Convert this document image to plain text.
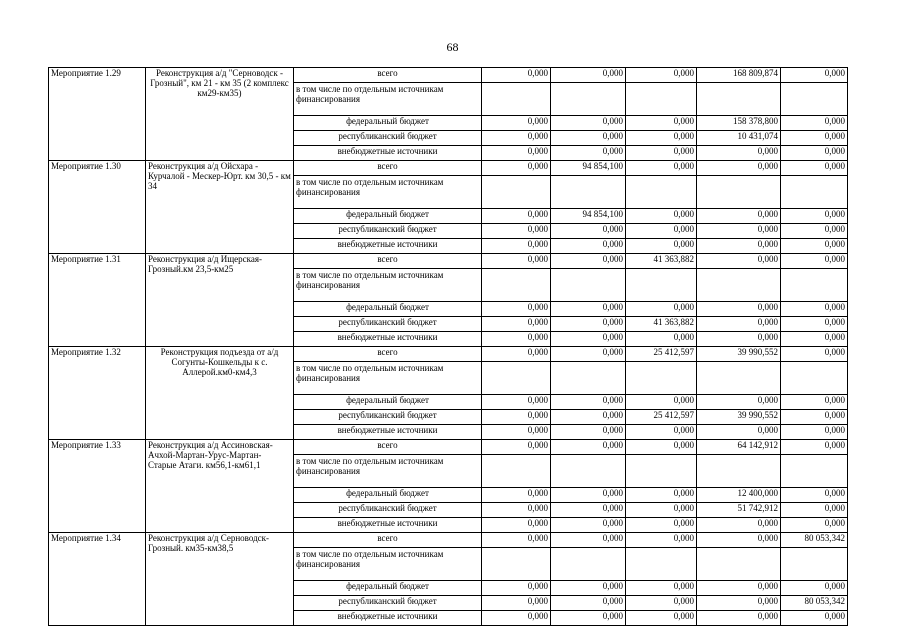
68
Мероприятие 1.29	Реконструкция а/д "Серноводск - Грозный", км 21 - км 35 (2 комплекс км29-км35)	всего	0,000	0,000	0,000	168 809,874	0,000
		в том числе по отдельным источникам финансирования					
		федеральный бюджет	0,000	0,000	0,000	158 378,800	0,000
		республиканский бюджет	0,000	0,000	0,000	10 431,074	0,000
		внебюджетные источники	0,000	0,000	0,000	0,000	0,000
Мероприятие 1.30	Реконструкция а/д Ойсхара - Курчалой - Мескер-Юрт. км 30,5 - км 34	всего	0,000	94 854,100	0,000	0,000	0,000
		в том числе по отдельным источникам финансирования					
		федеральный бюджет	0,000	94 854,100	0,000	0,000	0,000
		республиканский бюджет	0,000	0,000	0,000	0,000	0,000
		внебюджетные источники	0,000	0,000	0,000	0,000	0,000
Мероприятие 1.31	Реконструкция а/д Ищерская-Грозный.км 23,5-км25	всего	0,000	0,000	41 363,882	0,000	0,000
		в том числе по отдельным источникам финансирования					
		федеральный бюджет	0,000	0,000	0,000	0,000	0,000
		республиканский бюджет	0,000	0,000	41 363,882	0,000	0,000
		внебюджетные источники	0,000	0,000	0,000	0,000	0,000
Мероприятие 1.32	Реконструкция подъезда от а/д Согунты-Кошкельды к с. Аллерой.км0-км4,3	всего	0,000	0,000	25 412,597	39 990,552	0,000
		в том числе по отдельным источникам финансирования					
		федеральный бюджет	0,000	0,000	0,000	0,000	0,000
		республиканский бюджет	0,000	0,000	25 412,597	39 990,552	0,000
		внебюджетные источники	0,000	0,000	0,000	0,000	0,000
Мероприятие 1.33	Реконструкция а/д Ассиновская-Ачхой-Мартан-Урус-Мартан- Старые Атаги. км56,1-км61,1	всего	0,000	0,000	0,000	64 142,912	0,000
		в том числе по отдельным источникам финансирования					
		федеральный бюджет	0,000	0,000	0,000	12 400,000	0,000
		республиканский бюджет	0,000	0,000	0,000	51 742,912	0,000
		внебюджетные источники	0,000	0,000	0,000	0,000	0,000
Мероприятие 1.34	Реконструкция а/д Серноводск-Грозный. км35-км38,5	всего	0,000	0,000	0,000	0,000	80 053,342
		в том числе по отдельным источникам финансирования					
		федеральный бюджет	0,000	0,000	0,000	0,000	0,000
		республиканский бюджет	0,000	0,000	0,000	0,000	80 053,342
		внебюджетные источники	0,000	0,000	0,000	0,000	0,000
